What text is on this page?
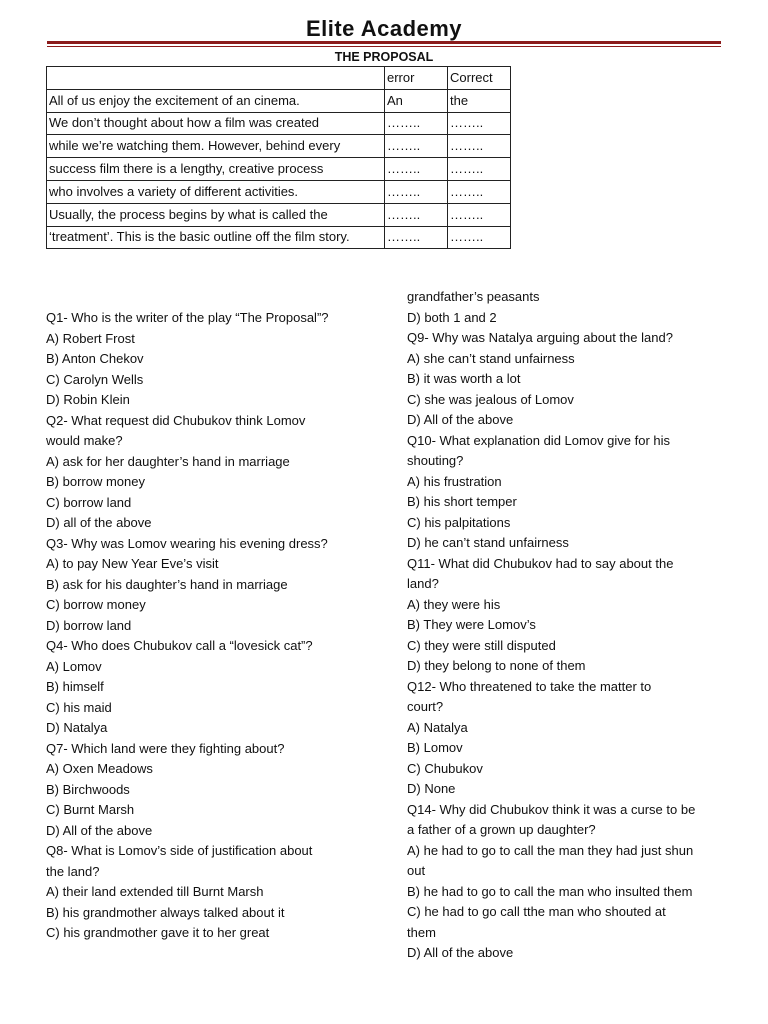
Elite Academy
THE PROPOSAL
	error	Correct
All of us enjoy the excitement of an cinema.	An	the
We don’t thought about how a film was created	……..	……..
while we’re watching them. However, behind every	……..	……..
success film there is a lengthy, creative process	……..	……..
who involves a variety of different activities.	……..	……..
Usually, the process begins by what is called the	……..	……..
‘treatment’. This is the basic outline off the film story.	……..	……..
Q1- Who is the writer of the play “The Proposal”?
A) Robert Frost
B) Anton Chekov
C) Carolyn Wells
D) Robin Klein
Q2- What request did Chubukov think Lomov
would make?
A) ask for her daughter’s hand in marriage
B) borrow money
C) borrow land
D) all of the above
Q3- Why was Lomov wearing his evening dress?
A) to pay New Year Eve’s visit
B) ask for his daughter’s hand in marriage
C) borrow money
D) borrow land
Q4- Who does Chubukov call a “lovesick cat”?
A) Lomov
B) himself
C) his maid
D) Natalya
Q7- Which land were they fighting about?
A) Oxen Meadows
B) Birchwoods
C) Burnt Marsh
D) All of the above
Q8- What is Lomov’s side of justification about
the land?
A) their land extended till Burnt Marsh
B) his grandmother always talked about it
C) his grandmother gave it to her great
grandfather’s peasants
D) both 1 and 2
Q9- Why was Natalya arguing about the land?
A) she can’t stand unfairness
B) it was worth a lot
C) she was jealous of Lomov
D) All of the above
Q10- What explanation did Lomov give for his
shouting?
A) his frustration
B) his short temper
C) his palpitations
D) he can’t stand unfairness
Q11- What did Chubukov had to say about the
land?
A) they were his
B) They were Lomov’s
C) they were still disputed
D) they belong to none of them
Q12- Who threatened to take the matter to
court?
A) Natalya
B) Lomov
C) Chubukov
D) None
Q14- Why did Chubukov think it was a curse to be
a father of a grown up daughter?
A) he had to go to call the man they had just shun
out
B) he had to go to call the man who insulted them
C) he had to go call tthe man who shouted at
them
D) All of the above
